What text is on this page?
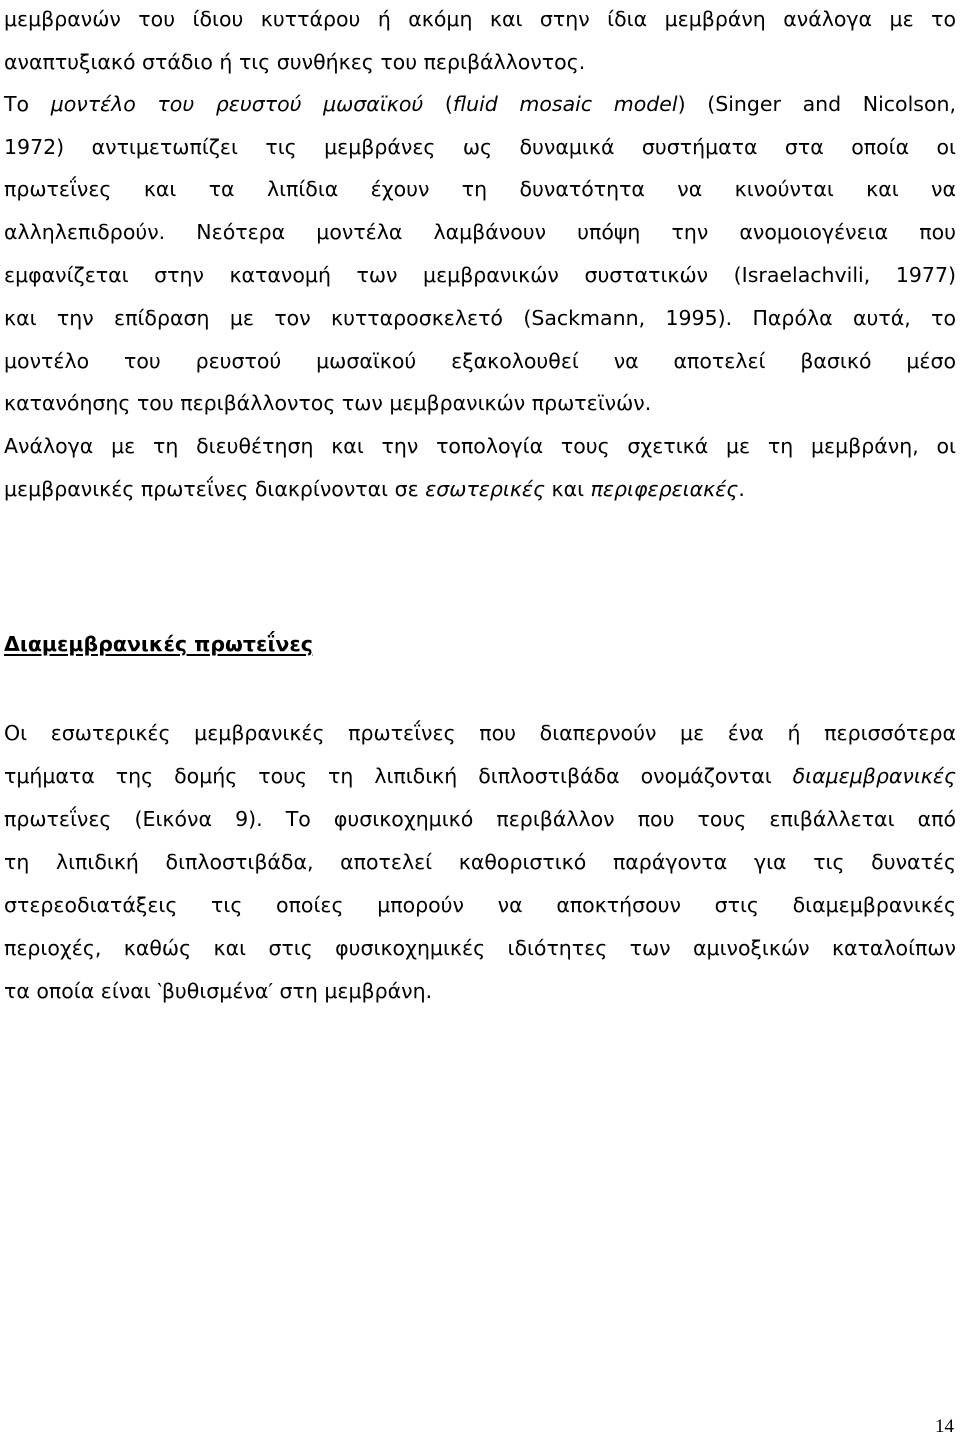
μεμβρανών του ίδιου κυττάρου ή ακόμη και στην ίδια μεμβράνη ανάλογα με το
αναπτυξιακό στάδιο ή τις συνθήκες του περιβάλλοντος.
Το μοντέλο του ρευστού μωσαϊκού (fluid mosaic model) (Singer and Nicolson,
1972) αντιμετωπίζει τις μεμβράνες ως δυναμικά συστήματα στα οποία οι
πρωτεΐνες και τα λιπίδια έχουν τη δυνατότητα να κινούνται και να
αλληλεπιδρούν. Νεότερα μοντέλα λαμβάνουν υπόψη την ανομοιογένεια που
εμφανίζεται στην κατανομή των μεμβρανικών συστατικών (Israelachvili, 1977)
και την επίδραση με τον κυτταροσκελετό (Sackmann, 1995). Παρόλα αυτά, το
μοντέλο του ρευστού μωσαϊκού εξακολουθεί να αποτελεί βασικό μέσο
κατανόησης του περιβάλλοντος των μεμβρανικών πρωτεϊνών.
Ανάλογα με τη διευθέτηση και την τοπολογία τους σχετικά με τη μεμβράνη, οι
μεμβρανικές πρωτεΐνες διακρίνονται σε εσωτερικές και περιφερειακές.
Διαμεμβρανικές πρωτεΐνες
Οι εσωτερικές μεμβρανικές πρωτεΐνες που διαπερνούν με ένα ή περισσότερα
τμήματα της δομής τους τη λιπιδική διπλοστιβάδα ονομάζονται διαμεμβρανικές
πρωτεΐνες (Εικόνα 9). Το φυσικοχημικό περιβάλλον που τους επιβάλλεται από
τη λιπιδική διπλοστιβάδα, αποτελεί καθοριστικό παράγοντα για τις δυνατές
στερεοδιατάξεις τις οποίες μπορούν να αποκτήσουν στις διαμεμβρανικές
περιοχές, καθώς και στις φυσικοχημικές ιδιότητες των αμινοξικών καταλοίπων
τα οποία είναι ‵βυθισμένα′ στη μεμβράνη.
14
